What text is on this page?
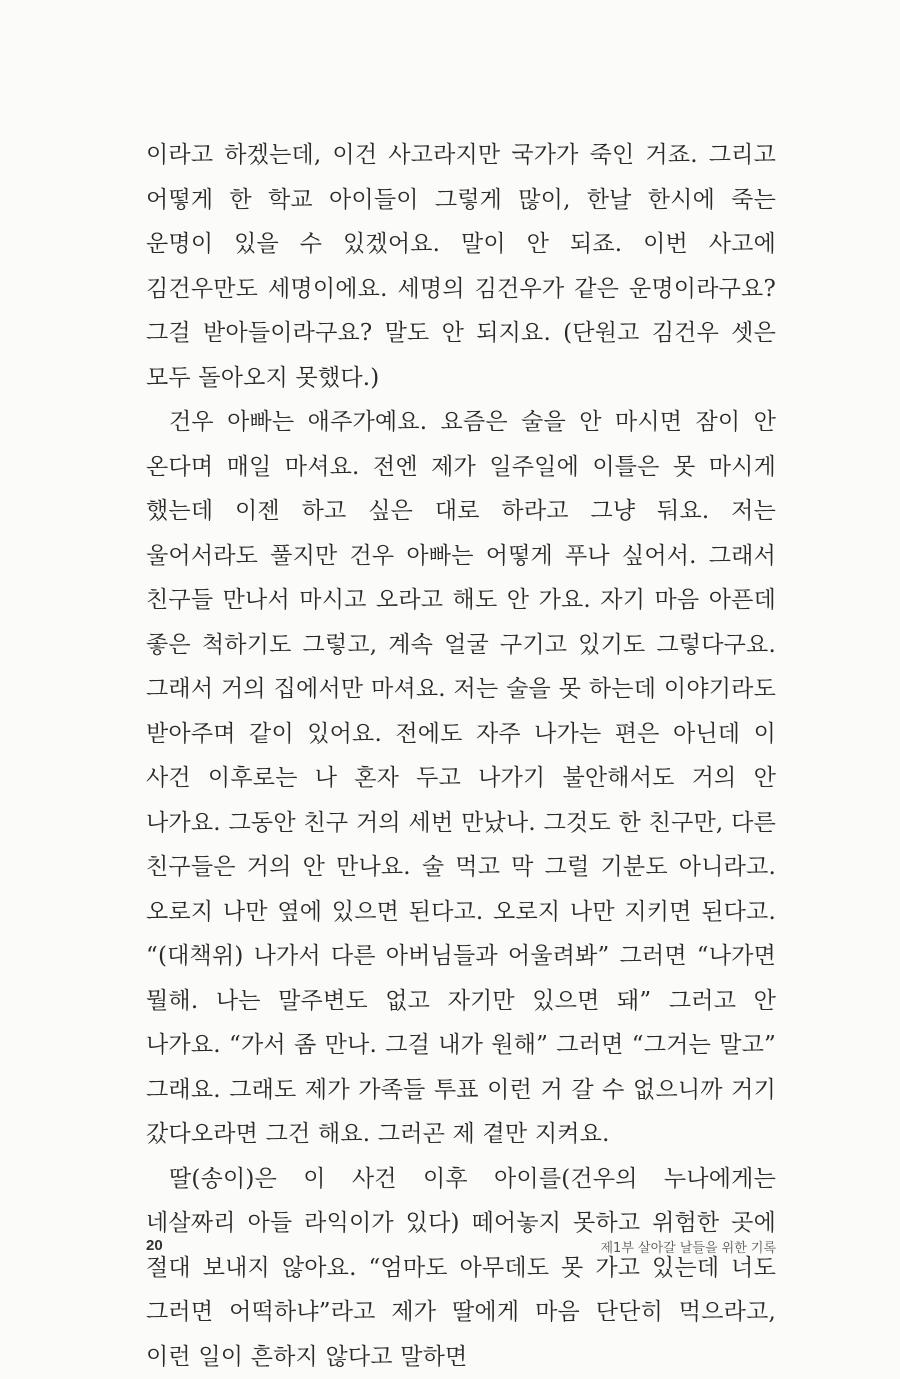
이라고 하겠는데, 이건 사고라지만 국가가 죽인 거죠. 그리고 어떻게 한 학교 아이들이 그렇게 많이, 한날 한시에 죽는 운명이 있을 수 있겠어요. 말이 안 되죠. 이번 사고에 김건우만도 세명이에요. 세명의 김건우가 같은 운명이라구요? 그걸 받아들이라구요? 말도 안 되지요. (단원고 김건우 셋은 모두 돌아오지 못했다.)

건우 아빠는 애주가예요. 요즘은 술을 안 마시면 잠이 안 온다며 매일 마셔요. 전엔 제가 일주일에 이틀은 못 마시게 했는데 이젠 하고 싶은 대로 하라고 그냥 둬요. 저는 울어서라도 풀지만 건우 아빠는 어떻게 푸나 싶어서. 그래서 친구들 만나서 마시고 오라고 해도 안 가요. 자기 마음 아픈데 좋은 척하기도 그렇고, 계속 얼굴 구기고 있기도 그렇다구요. 그래서 거의 집에서만 마셔요. 저는 술을 못 하는데 이야기라도 받아주며 같이 있어요. 전에도 자주 나가는 편은 아닌데 이 사건 이후로는 나 혼자 두고 나가기 불안해서도 거의 안 나가요. 그동안 친구 거의 세번 만났나. 그것도 한 친구만, 다른 친구들은 거의 안 만나요. 술 먹고 막 그럴 기분도 아니라고. 오로지 나만 옆에 있으면 된다고. 오로지 나만 지키면 된다고. “(대책위) 나가서 다른 아버님들과 어울려봐” 그러면 “나가면 뭘해. 나는 말주변도 없고 자기만 있으면 돼” 그러고 안 나가요. “가서 좀 만나. 그걸 내가 원해” 그러면 “그거는 말고” 그래요. 그래도 제가 가족들 투표 이런 거 갈 수 없으니까 거기 갔다오라면 그건 해요. 그러곤 제 곁만 지켜요.

딸(송이)은 이 사건 이후 아이를(건우의 누나에게는 네살짜리 아들 라익이가 있다) 떼어놓지 못하고 위험한 곳에 절대 보내지 않아요. “엄마도 아무데도 못 가고 있는데 너도 그러면 어떡하냐”라고 제가 딸에게 마음 단단히 먹으라고, 이런 일이 흔하지 않다고 말하면

20	제1부 살아갈 날들을 위한 기록
